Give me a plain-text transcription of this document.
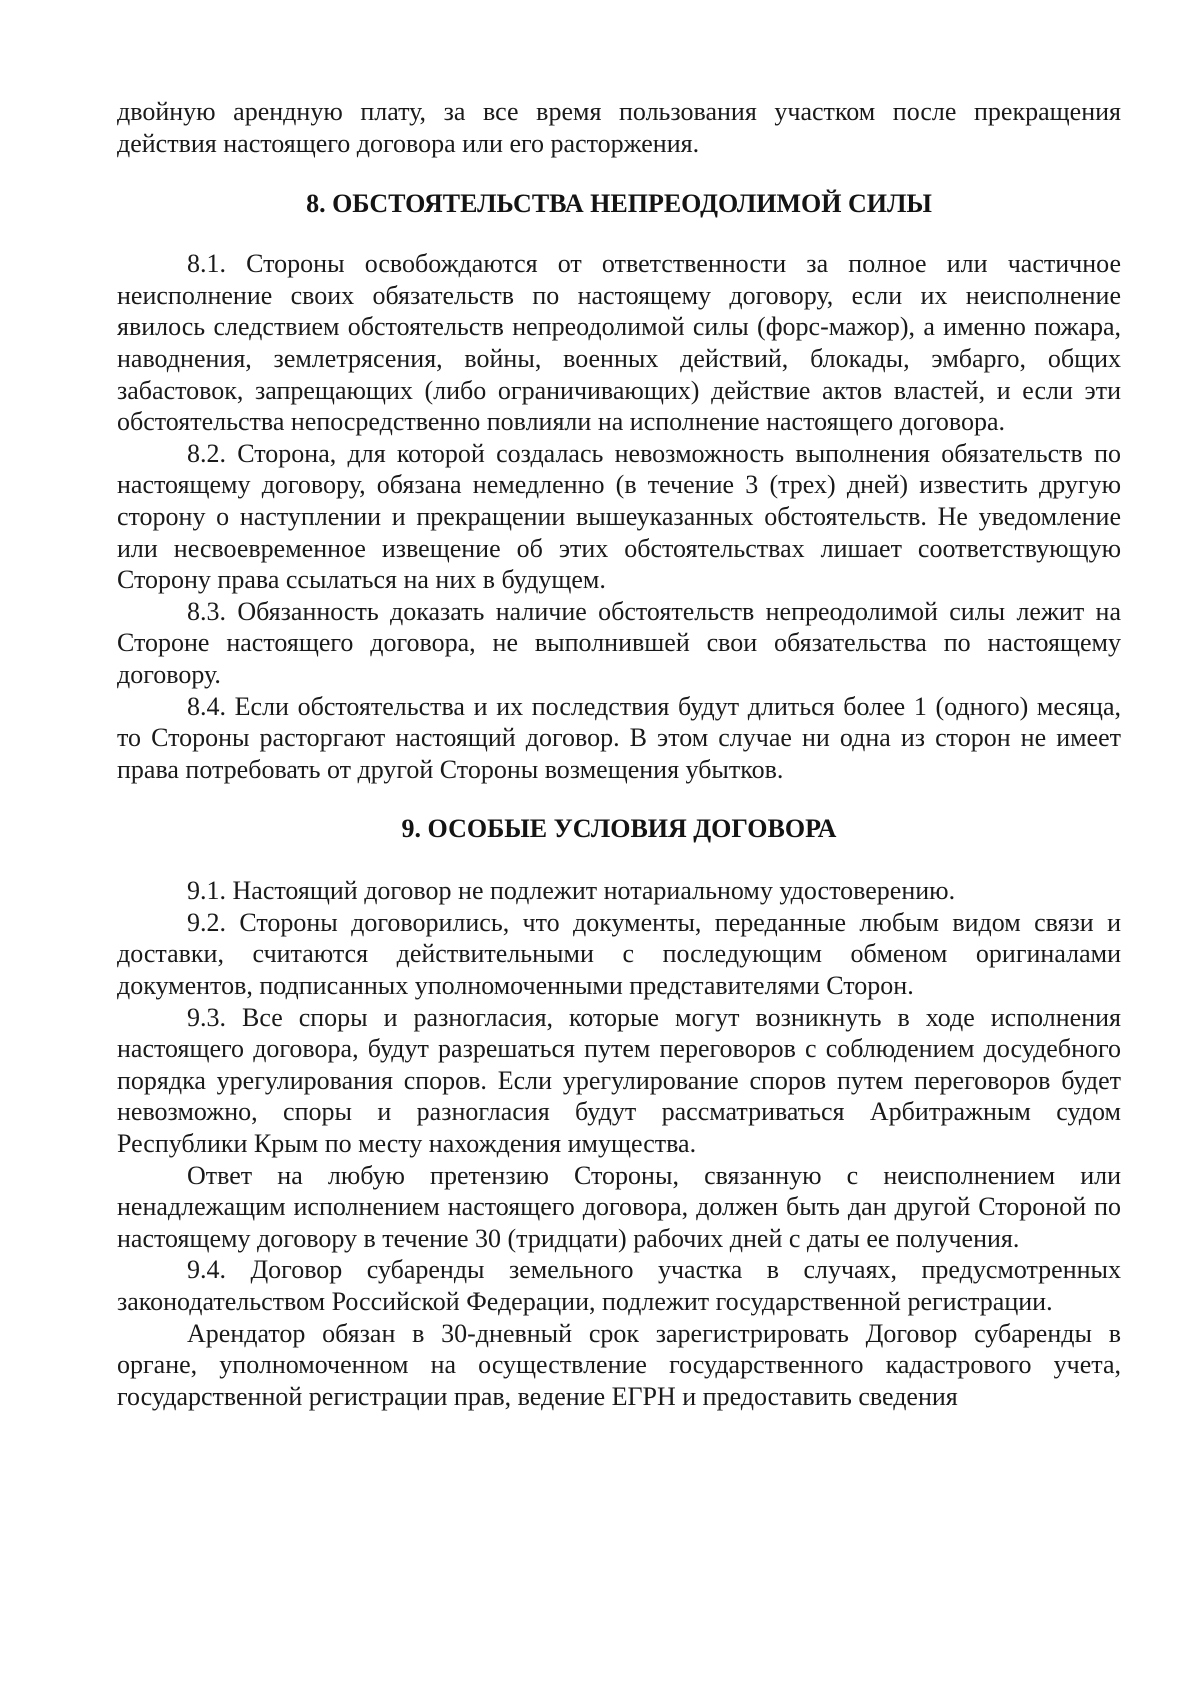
двойную арендную плату, за все время пользования участком после прекращения действия настоящего договора или его расторжения.

8. ОБСТОЯТЕЛЬСТВА НЕПРЕОДОЛИМОЙ СИЛЫ

8.1. Стороны освобождаются от ответственности за полное или частичное неисполнение своих обязательств по настоящему договору, если их неисполнение явилось следствием обстоятельств непреодолимой силы (форс-мажор), а именно пожара, наводнения, землетрясения, войны, военных действий, блокады, эмбарго, общих забастовок, запрещающих (либо ограничивающих) действие актов властей, и если эти обстоятельства непосредственно повлияли на исполнение настоящего договора.

8.2. Сторона, для которой создалась невозможность выполнения обязательств по настоящему договору, обязана немедленно (в течение 3 (трех) дней) известить другую сторону о наступлении и прекращении вышеуказанных обстоятельств. Не уведомление или несвоевременное извещение об этих обстоятельствах лишает соответствующую Сторону права ссылаться на них в будущем.

8.3. Обязанность доказать наличие обстоятельств непреодолимой силы лежит на Стороне настоящего договора, не выполнившей свои обязательства по настоящему договору.

8.4. Если обстоятельства и их последствия будут длиться более 1 (одного) месяца, то Стороны расторгают настоящий договор. В этом случае ни одна из сторон не имеет права потребовать от другой Стороны возмещения убытков.

9. ОСОБЫЕ УСЛОВИЯ ДОГОВОРА

9.1. Настоящий договор не подлежит нотариальному удостоверению.

9.2. Стороны договорились, что документы, переданные любым видом связи и доставки, считаются действительными с последующим обменом оригиналами документов, подписанных уполномоченными представителями Сторон.

9.3. Все споры и разногласия, которые могут возникнуть в ходе исполнения настоящего договора, будут разрешаться путем переговоров с соблюдением досудебного порядка урегулирования споров. Если урегулирование споров путем переговоров будет невозможно, споры и разногласия будут рассматриваться Арбитражным судом Республики Крым по месту нахождения имущества.

Ответ на любую претензию Стороны, связанную с неисполнением или ненадлежащим исполнением настоящего договора, должен быть дан другой Стороной по настоящему договору в течение 30 (тридцати) рабочих дней с даты ее получения.

9.4. Договор субаренды земельного участка в случаях, предусмотренных законодательством Российской Федерации, подлежит государственной регистрации.

Арендатор обязан в 30-дневный срок зарегистрировать Договор субаренды в органе, уполномоченном на осуществление государственного кадастрового учета, государственной регистрации прав, ведение ЕГРН и предоставить сведения
